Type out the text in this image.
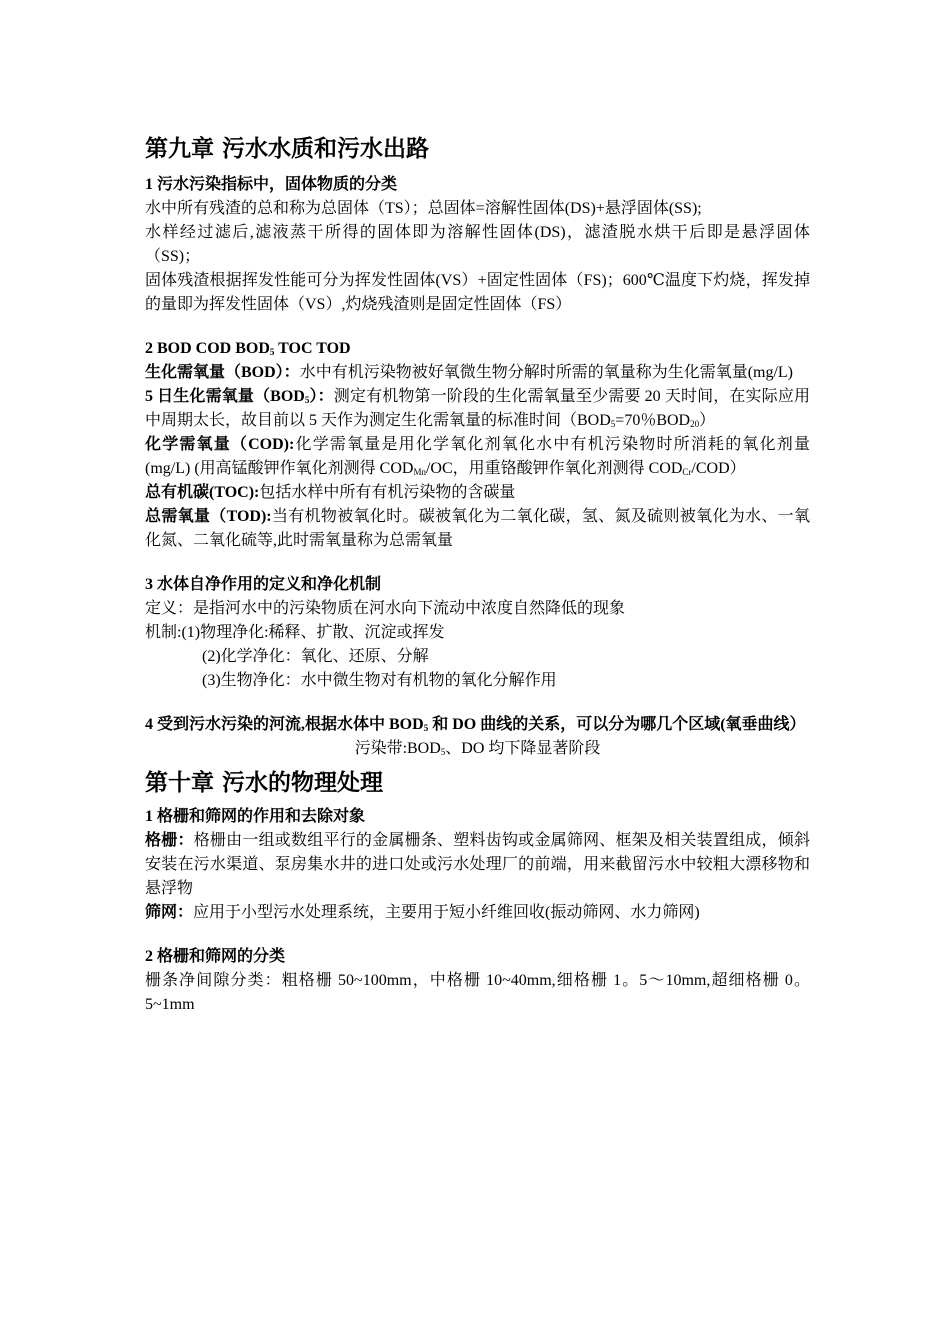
第九章 污水水质和污水出路
1 污水污染指标中，固体物质的分类

水中所有残渣的总和称为总固体（TS）；总固体=溶解性固体(DS)+悬浮固体(SS);

水样经过滤后,滤液蒸干所得的固体即为溶解性固体(DS)，滤渣脱水烘干后即是悬浮固体（SS)；

固体残渣根据挥发性能可分为挥发性固体(VS）+固定性固体（FS)；600℃温度下灼烧，挥发掉的量即为挥发性固体（VS）,灼烧残渣则是固定性固体（FS）

2 BOD COD $BOD_5$ TOC TOD

生化需氧量（BOD）：水中有机污染物被好氧微生物分解时所需的氧量称为生化需氧量(mg/L)

5 日生化需氧量$(BOD_5)$：测定有机物第一阶段的生化需氧量至少需要 20 天时间，在实际应用中周期太长，故目前以 5 天作为测定生化需氧量的标准时间（$BOD_5=70$％$BOD_{20}$）

化学需氧量（COD):化学需氧量是用化学氧化剂氧化水中有机污染物时所消耗的氧化剂量(mg/L) (用高锰酸钾作氧化剂测得 $COD_{Mn}/OC$，用重铬酸钾作氧化剂测得 $COD_{Cr}/COD$）

总有机碳(TOC):包括水样中所有有机污染物的含碳量

总需氧量（TOD):当有机物被氧化时。碳被氧化为二氧化碳，氢、氮及硫则被氧化为水、一氧化氮、二氧化硫等,此时需氧量称为总需氧量

3 水体自净作用的定义和净化机制

定义：是指河水中的污染物质在河水向下流动中浓度自然降低的现象

机制:(1)物理净化:稀释、扩散、沉淀或挥发

(2)化学净化：氧化、还原、分解

(3)生物净化：水中微生物对有机物的氧化分解作用

4 受到污水污染的河流,根据水体中 $BOD_5$ 和 DO 曲线的关系，可以分为哪几个区域(氧垂曲线）

污染带$:BOD_5$、DO 均下降显著阶段

第十章 污水的物理处理
1 格栅和筛网的作用和去除对象

格栅：格栅由一组或数组平行的金属栅条、塑料齿钩或金属筛网、框架及相关装置组成，倾斜安装在污水渠道、泵房集水井的进口处或污水处理厂的前端，用来截留污水中较粗大漂移物和悬浮物

筛网：应用于小型污水处理系统，主要用于短小纤维回收(振动筛网、水力筛网)

2 格栅和筛网的分类

栅条净间隙分类：粗格栅 50~100mm，中格栅 10~40mm,细格栅 1。5～10mm,超细格栅 0。5~1mm
